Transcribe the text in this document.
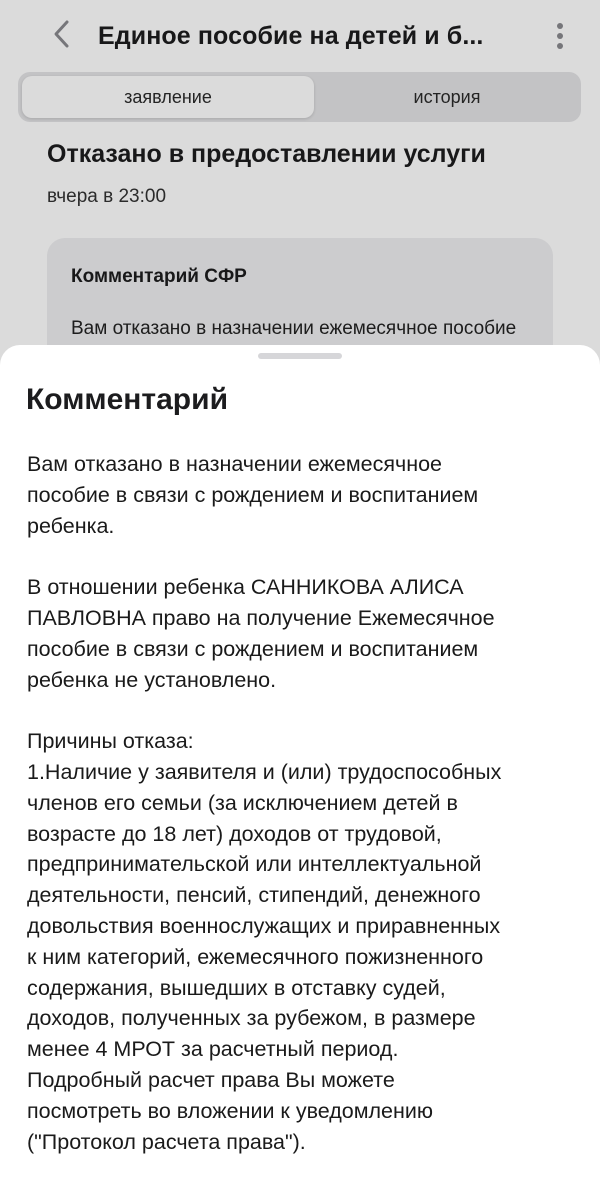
Единое пособие на детей и б...
заявление	история
Отказано в предоставлении услуги
вчера в 23:00
Комментарий СФР
Вам отказано в назначении ежемесячное пособие
Комментарий

Вам отказано в назначении ежемесячное
пособие в связи с рождением и воспитанием
ребенка.

В отношении ребенка САННИКОВА АЛИСА
ПАВЛОВНА право на получение Ежемесячное
пособие в связи с рождением и воспитанием
ребенка не установлено.

Причины отказа:
1.Наличие у заявителя и (или) трудоспособных
членов его семьи (за исключением детей в
возрасте до 18 лет) доходов от трудовой,
предпринимательской или интеллектуальной
деятельности, пенсий, стипендий, денежного
довольствия военнослужащих и приравненных
к ним категорий, ежемесячного пожизненного
содержания, вышедших в отставку судей,
доходов, полученных за рубежом, в размере
менее 4 МРОТ за расчетный период.
Подробный расчет права Вы можете
посмотреть во вложении к уведомлению
("Протокол расчета права").
